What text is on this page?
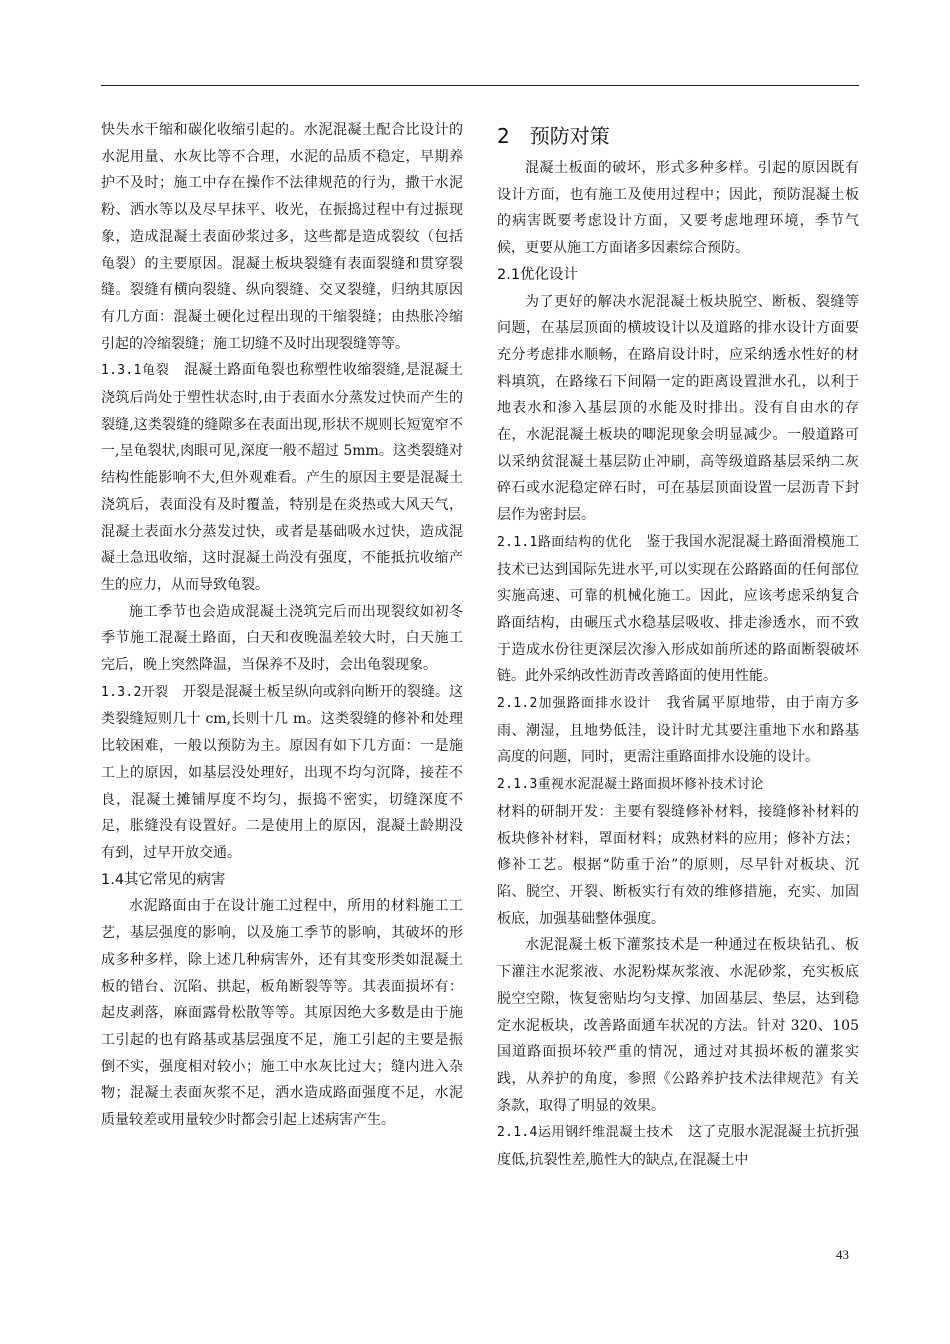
快失水干缩和碳化收缩引起的。水泥混凝土配合比设计的水泥用量、水灰比等不合理，水泥的品质不稳定，早期养护不及时；施工中存在操作不法律规范的行为，撒干水泥粉、洒水等以及尽早抹平、收光，在振捣过程中有过振现象，造成混凝土表面砂浆过多，这些都是造成裂纹（包括龟裂）的主要原因。混凝土板块裂缝有表面裂缝和贯穿裂缝。裂缝有横向裂缝、纵向裂缝、交叉裂缝，归纳其原因有几方面：混凝土硬化过程出现的干缩裂缝；由热胀冷缩引起的冷缩裂缝；施工切缝不及时出现裂缝等等。

1.3.1龟裂　 混凝土路面龟裂也称塑性收缩裂缝,是混凝土浇筑后尚处于塑性状态时,由于表面水分蒸发过快而产生的裂缝,这类裂缝的缝隙多在表面出现,形状不规则长短宽窄不一,呈龟裂状,肉眼可见,深度一般不超过 5mm。这类裂缝对结构性能影响不大,但外观难看。产生的原因主要是混凝土浇筑后，表面没有及时覆盖，特别是在炎热或大风天气，混凝土表面水分蒸发过快，或者是基础吸水过快，造成混凝土急迅收缩，这时混凝土尚没有强度，不能抵抗收缩产生的应力，从而导致龟裂。

施工季节也会造成混凝土浇筑完后而出现裂纹如初冬季节施工混凝土路面，白天和夜晚温差较大时，白天施工完后，晚上突然降温，当保养不及时，会出龟裂现象。

1.3.2开裂　 开裂是混凝土板呈纵向或斜向断开的裂缝。这类裂缝短则几十 cm,长则十几 m。这类裂缝的修补和处理比较困难，一般以预防为主。原因有如下几方面：一是施工上的原因，如基层没处理好，出现不均匀沉降，接茬不良，混凝土摊铺厚度不均匀，振捣不密实，切缝深度不足，胀缝没有设置好。二是使用上的原因，混凝土龄期没有到，过早开放交通。

1.4其它常见的病害

水泥路面由于在设计施工过程中，所用的材料施工工艺，基层强度的影响，以及施工季节的影响，其破坏的形成多种多样，除上述几种病害外，还有其变形类如混凝土板的错台、沉陷、拱起，板角断裂等等。其表面损坏有：起皮剥落，麻面露骨松散等等。其原因绝大多数是由于施工引起的也有路基或基层强度不足，施工引起的主要是振倒不实，强度相对较小；施工中水灰比过大；缝内进入杂物；混凝土表面灰浆不足，洒水造成路面强度不足，水泥质量较差或用量较少时都会引起上述病害产生。

2　预防对策

混凝土板面的破坏，形式多种多样。引起的原因既有设计方面，也有施工及使用过程中；因此，预防混凝土板的病害既要考虑设计方面，又要考虑地理环境，季节气候，更要从施工方面诸多因素综合预防。

2.1优化设计

为了更好的解决水泥混凝土板块脱空、断板、裂缝等问题，在基层顶面的横坡设计以及道路的排水设计方面要充分考虑排水顺畅，在路肩设计时，应采纳透水性好的材料填筑，在路缘石下间隔一定的距离设置泄水孔，以利于地表水和渗入基层顶的水能及时排出。没有自由水的存在，水泥混凝土板块的唧泥现象会明显减少。一般道路可以采纳贫混凝土基层防止冲刷，高等级道路基层采纳二灰碎石或水泥稳定碎石时，可在基层顶面设置一层沥青下封层作为密封层。

2.1.1路面结构的优化　 鉴于我国水泥混凝土路面滑模施工技术已达到国际先进水平,可以实现在公路路面的任何部位实施高速、可靠的机械化施工。因此，应该考虑采纳复合路面结构，由碾压式水稳基层吸收、排走渗透水，而不致于造成水份往更深层次渗入形成如前所述的路面断裂破坏链。此外采纳改性沥青改善路面的使用性能。

2.1.2加强路面排水设计　 我省属平原地带，由于南方多雨、潮湿，且地势低洼，设计时尤其要注重地下水和路基高度的问题，同时，更需注重路面排水设施的设计。

2.1.3重视水泥混凝土路面损坏修补技术讨论

材料的研制开发：主要有裂缝修补材料，接缝修补材料的板块修补材料，罩面材料；成熟材料的应用；修补方法；修补工艺。根据“防重于治”的原则，尽早针对板块、沉陷、脱空、开裂、断板实行有效的维修措施，充实、加固板底，加强基础整体强度。

水泥混凝土板下灌浆技术是一种通过在板块钻孔、板下灌注水泥浆液、水泥粉煤灰浆液、水泥砂浆，充实板底脱空空隙，恢复密贴均匀支撑、加固基层、垫层，达到稳定水泥板块，改善路面通车状况的方法。针对 320、105 国道路面损坏较严重的情况，通过对其损坏板的灌浆实践，从养护的角度，参照《公路养护技术法律规范》有关条款，取得了明显的效果。

2.1.4运用钢纤维混凝土技术　 这了克服水泥混凝土抗折强度低,抗裂性差,脆性大的缺点,在混凝土中

43
